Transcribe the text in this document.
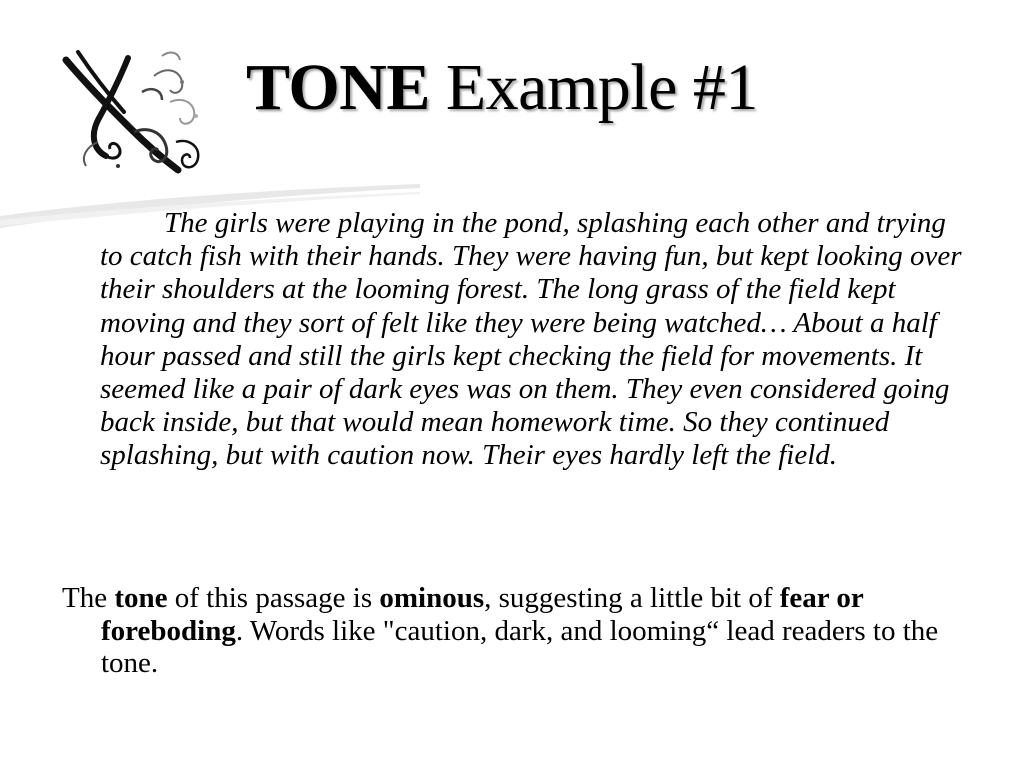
TONE Example #1

The girls were playing in the pond, splashing each other and trying to catch fish with their hands. They were having fun, but kept looking over their shoulders at the looming forest. The long grass of the field kept moving and they sort of felt like they were being watched… About a half hour passed and still the girls kept checking the field for movements. It seemed like a pair of dark eyes was on them. They even considered going back inside, but that would mean homework time. So they continued splashing, but with caution now. Their eyes hardly left the field.

The tone of this passage is ominous, suggesting a little bit of fear or foreboding. Words like "caution, dark, and looming“ lead readers to the tone.
